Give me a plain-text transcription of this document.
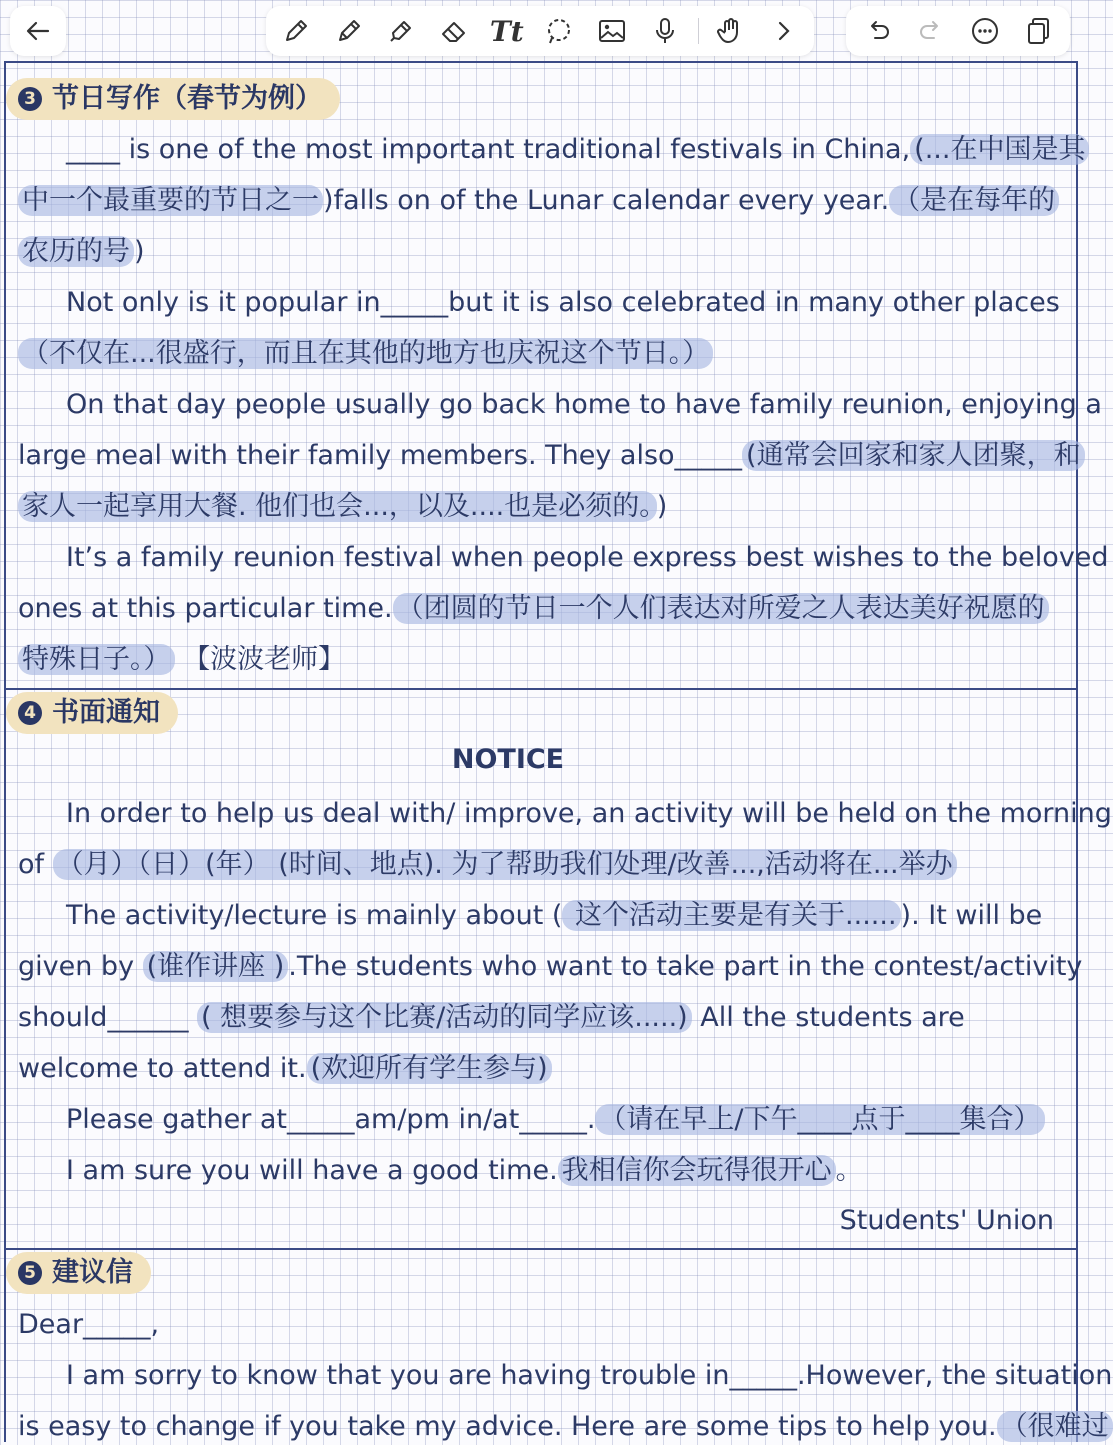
Tt
3 节日写作（春节为例）
____ is one of the most important traditional festivals in China, (...在中国是其
中一个最重要的节日之一 )falls on of the Lunar calendar every year. （是在每年的
农历的号 )
Not only is it popular in_____but it is also celebrated in many other places
（不仅在...很盛行，而且在其他的地方也庆祝这个节日。）
On that day people usually go back home to have family reunion, enjoying a
large meal with their family members. They also_____ (通常会回家和家人团聚，和
家人一起享用大餐. 他们也会...，以及....也是必须的。 )
It’s a family reunion festival when people express best wishes to the beloved
ones at this particular time. （团圆的节日一个人们表达对所爱之人表达美好祝愿的
特殊日子。） 【波波老师】
4 书面通知
NOTICE
In order to help us deal with/ improve, an activity will be held on the morning
of （月）（日）(年） (时间、地点). 为了帮助我们处理/改善...,活动将在...举办
The activity/lecture is mainly about ( 这个活动主要是有关于...... ). It will be
given by (谁作讲座 ) .The students who want to take part in the contest/activity
should______ ( 想要参与这个比赛/活动的同学应该.....) All the students are
welcome to attend it. (欢迎所有学生参与)
Please gather at_____am/pm in/at_____. （请在早上/下午____点于____集合）
I am sure you will have a good time. 我相信你会玩得很开心 。
Students' Union
5 建议信
Dear_____,
I am sorry to know that you are having trouble in_____.However, the situation
is easy to change if you take my advice. Here are some tips to help you. （很难过
